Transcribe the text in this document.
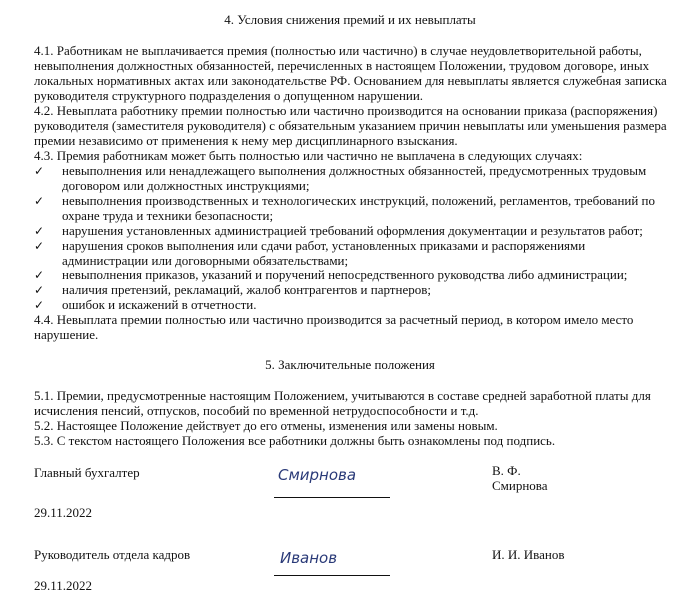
4. Условия снижения премий и их невыплаты
4.1. Работникам не выплачивается премия (полностью или частично) в случае неудовлетворительной работы,
невыполнения должностных обязанностей, перечисленных в настоящем Положении, трудовом договоре, иных
локальных нормативных актах или законодательстве РФ. Основанием для невыплаты является служебная записка
руководителя структурного подразделения о допущенном нарушении.
4.2. Невыплата работнику премии полностью или частично производится на основании приказа (распоряжения)
руководителя (заместителя руководителя) с обязательным указанием причин невыплаты или уменьшения размера
премии независимо от применения к нему мер дисциплинарного взыскания.
4.3. Премия работникам может быть полностью или частично не выплачена в следующих случаях:
✓ невыполнения или ненадлежащего выполнения должностных обязанностей, предусмотренных трудовым
договором или должностных инструкциями;
✓ невыполнения производственных и технологических инструкций, положений, регламентов, требований по
охране труда и техники безопасности;
✓ нарушения установленных администрацией требований оформления документации и результатов работ;
✓ нарушения сроков выполнения или сдачи работ, установленных приказами и распоряжениями
администрации или договорными обязательствами;
✓ невыполнения приказов, указаний и поручений непосредственного руководства либо администрации;
✓ наличия претензий, рекламаций, жалоб контрагентов и партнеров;
✓ ошибок и искажений в отчетности.
4.4. Невыплата премии полностью или частично производится за расчетный период, в котором имело место
нарушение.
5. Заключительные положения
5.1. Премии, предусмотренные настоящим Положением, учитываются в составе средней заработной платы для
исчисления пенсий, отпусков, пособий по временной нетрудоспособности и т.д.
5.2. Настоящее Положение действует до его отмены, изменения или замены новым.
5.3. С текстом настоящего Положения все работники должны быть ознакомлены под подпись.
Главный бухгалтер	Смирнова	В. Ф.
Смирнова
29.11.2022
Руководитель отдела кадров	Иванов	И. И. Иванов
29.11.2022
